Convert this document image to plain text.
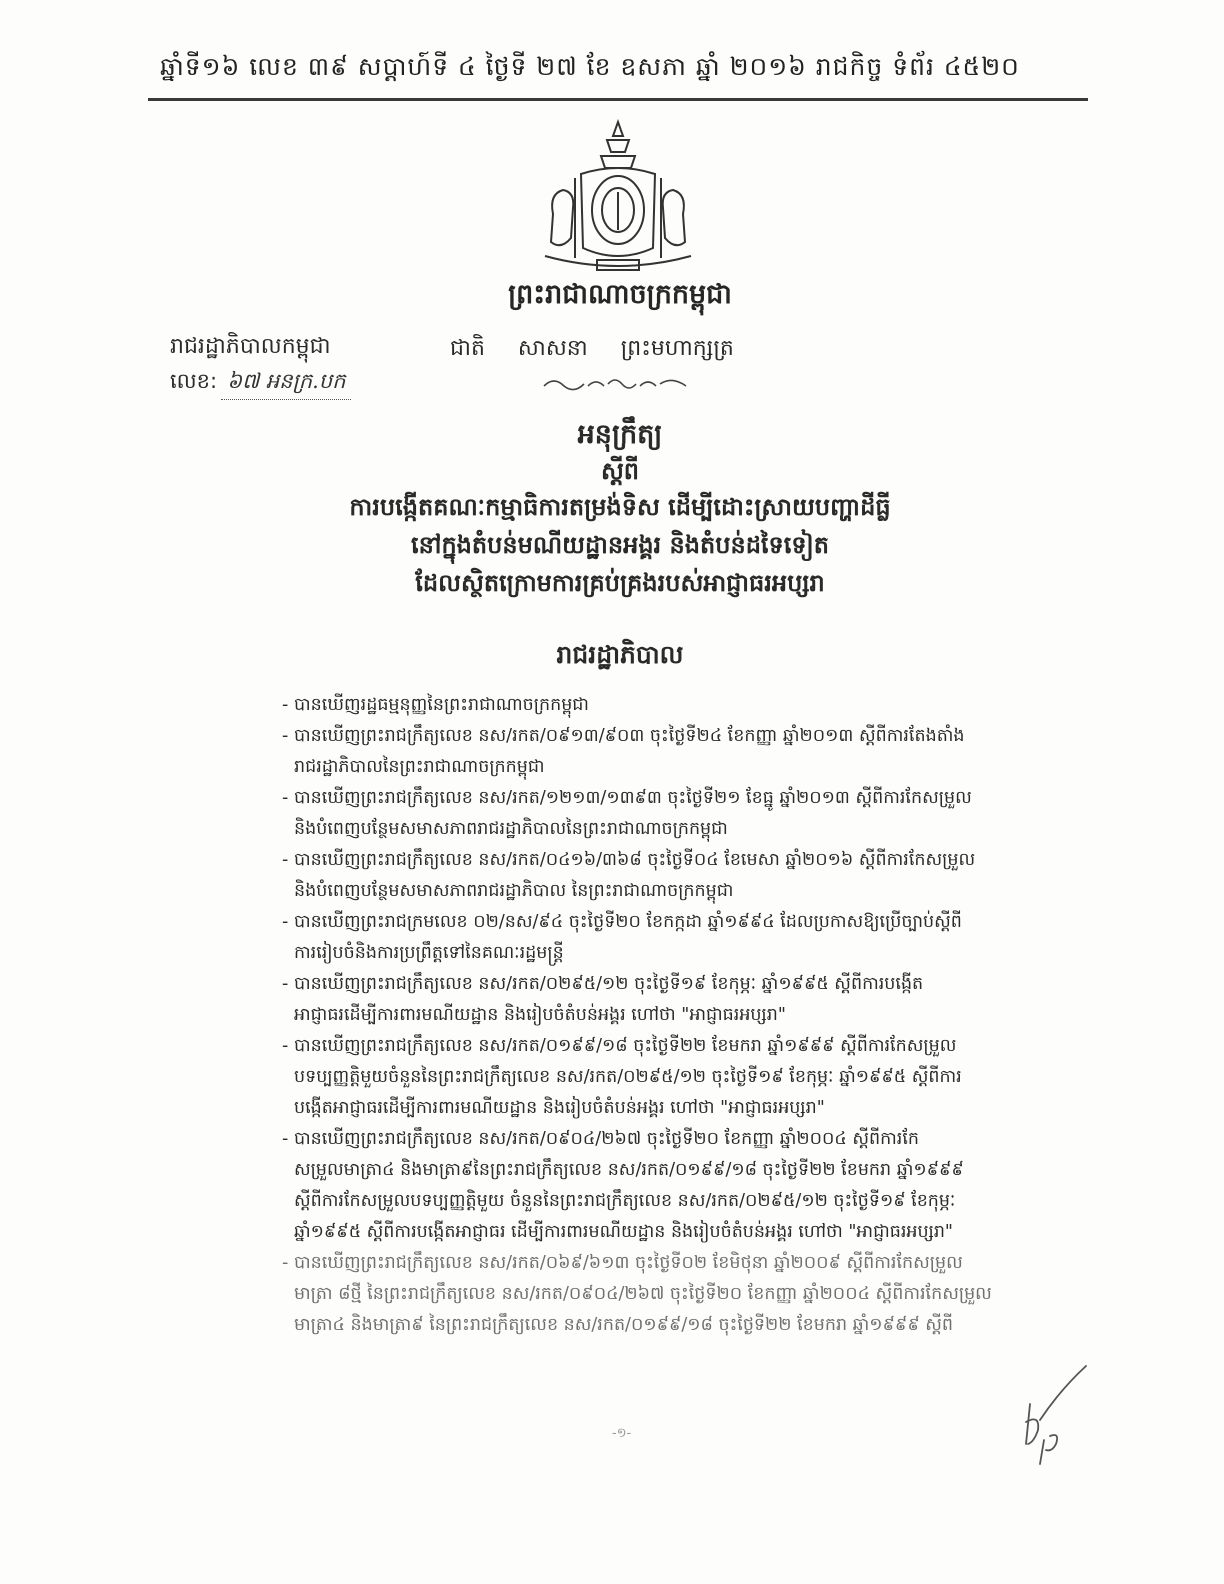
ឆ្នាំទី១៦ លេខ ៣៩ សប្តាហ៍ទី ៤ ថ្ងៃទី ២៧ ខែ ឧសភា ឆ្នាំ ២០១៦ រាជកិច្ច ទំព័រ ៤៥២០
ព្រះរាជាណាចក្រកម្ពុជា
រាជរដ្ឋាភិបាលកម្ពុជា	ជាតិ សាសនា ព្រះមហាក្សត្រ
លេខ: ៦៧ អនក្រ.បក
អនុក្រឹត្យ
ស្តីពី
ការបង្កើតគណៈកម្មាធិការតម្រង់ទិស ដើម្បីដោះស្រាយបញ្ហាដីធ្លី
នៅក្នុងតំបន់មណីយដ្ឋានអង្គរ និងតំបន់ដទៃទៀត
ដែលស្ថិតក្រោមការគ្រប់គ្រងរបស់អាជ្ញាធរអប្សរា
រាជរដ្ឋាភិបាល
- បានឃើញរដ្ឋធម្មនុញ្ញនៃព្រះរាជាណាចក្រកម្ពុជា
- បានឃើញព្រះរាជក្រឹត្យលេខ នស/រកត/០៩១៣/៩០៣ ចុះថ្ងៃទី២៤ ខែកញ្ញា ឆ្នាំ២០១៣ ស្តីពីការតែងតាំង
រាជរដ្ឋាភិបាលនៃព្រះរាជាណាចក្រកម្ពុជា
- បានឃើញព្រះរាជក្រឹត្យលេខ នស/រកត/១២១៣/១៣៩៣ ចុះថ្ងៃទី២១ ខែធ្នូ ឆ្នាំ២០១៣ ស្តីពីការកែសម្រួល
និងបំពេញបន្ថែមសមាសភាពរាជរដ្ឋាភិបាលនៃព្រះរាជាណាចក្រកម្ពុជា
- បានឃើញព្រះរាជក្រឹត្យលេខ នស/រកត/០៤១៦/៣៦៨ ចុះថ្ងៃទី០៤ ខែមេសា ឆ្នាំ២០១៦ ស្តីពីការកែសម្រួល
និងបំពេញបន្ថែមសមាសភាពរាជរដ្ឋាភិបាល នៃព្រះរាជាណាចក្រកម្ពុជា
- បានឃើញព្រះរាជក្រមលេខ ០២/នស/៩៤ ចុះថ្ងៃទី២០ ខែកក្កដា ឆ្នាំ១៩៩៤ ដែលប្រកាសឱ្យប្រើច្បាប់ស្តីពី
ការរៀបចំនិងការប្រព្រឹត្តទៅនៃគណៈរដ្ឋមន្ត្រី
- បានឃើញព្រះរាជក្រឹត្យលេខ នស/រកត/០២៩៥/១២ ចុះថ្ងៃទី១៩ ខែកុម្ភៈ ឆ្នាំ១៩៩៥ ស្តីពីការបង្កើត
អាជ្ញាធរដើម្បីការពារមណីយដ្ឋាន និងរៀបចំតំបន់អង្គរ ហៅថា "អាជ្ញាធរអប្សរា"
- បានឃើញព្រះរាជក្រឹត្យលេខ នស/រកត/០១៩៩/១៨ ចុះថ្ងៃទី២២ ខែមករា ឆ្នាំ១៩៩៩ ស្តីពីការកែសម្រួល
បទប្បញ្ញត្តិមួយចំនួននៃព្រះរាជក្រឹត្យលេខ នស/រកត/០២៩៥/១២ ចុះថ្ងៃទី១៩ ខែកុម្ភៈ ឆ្នាំ១៩៩៥ ស្តីពីការ
បង្កើតអាជ្ញាធរដើម្បីការពារមណីយដ្ឋាន និងរៀបចំតំបន់អង្គរ ហៅថា "អាជ្ញាធរអប្សរា"
- បានឃើញព្រះរាជក្រឹត្យលេខ នស/រកត/០៩០៤/២៦៧ ចុះថ្ងៃទី២០ ខែកញ្ញា ឆ្នាំ២០០៤ ស្តីពីការកែ
សម្រួលមាត្រា៤ និងមាត្រា៩នៃព្រះរាជក្រឹត្យលេខ នស/រកត/០១៩៩/១៨ ចុះថ្ងៃទី២២ ខែមករា ឆ្នាំ១៩៩៩
ស្តីពីការកែសម្រួលបទប្បញ្ញត្តិមួយ ចំនួននៃព្រះរាជក្រឹត្យលេខ នស/រកត/០២៩៥/១២ ចុះថ្ងៃទី១៩ ខែកុម្ភៈ
ឆ្នាំ១៩៩៥ ស្តីពីការបង្កើតអាជ្ញាធរ ដើម្បីការពារមណីយដ្ឋាន និងរៀបចំតំបន់អង្គរ ហៅថា "អាជ្ញាធរអប្សរា"
- បានឃើញព្រះរាជក្រឹត្យលេខ នស/រកត/០៦៩/៦១៣ ចុះថ្ងៃទី០២ ខែមិថុនា ឆ្នាំ២០០៩ ស្តីពីការកែសម្រួល
មាត្រា ៨ថ្មី នៃព្រះរាជក្រឹត្យលេខ នស/រកត/០៩០៤/២៦៧ ចុះថ្ងៃទី២០ ខែកញ្ញា ឆ្នាំ២០០៤ ស្តីពីការកែសម្រួល
មាត្រា៤ និងមាត្រា៩ នៃព្រះរាជក្រឹត្យលេខ នស/រកត/០១៩៩/១៨ ចុះថ្ងៃទី២២ ខែមករា ឆ្នាំ១៩៩៩ ស្តីពី
-១-
